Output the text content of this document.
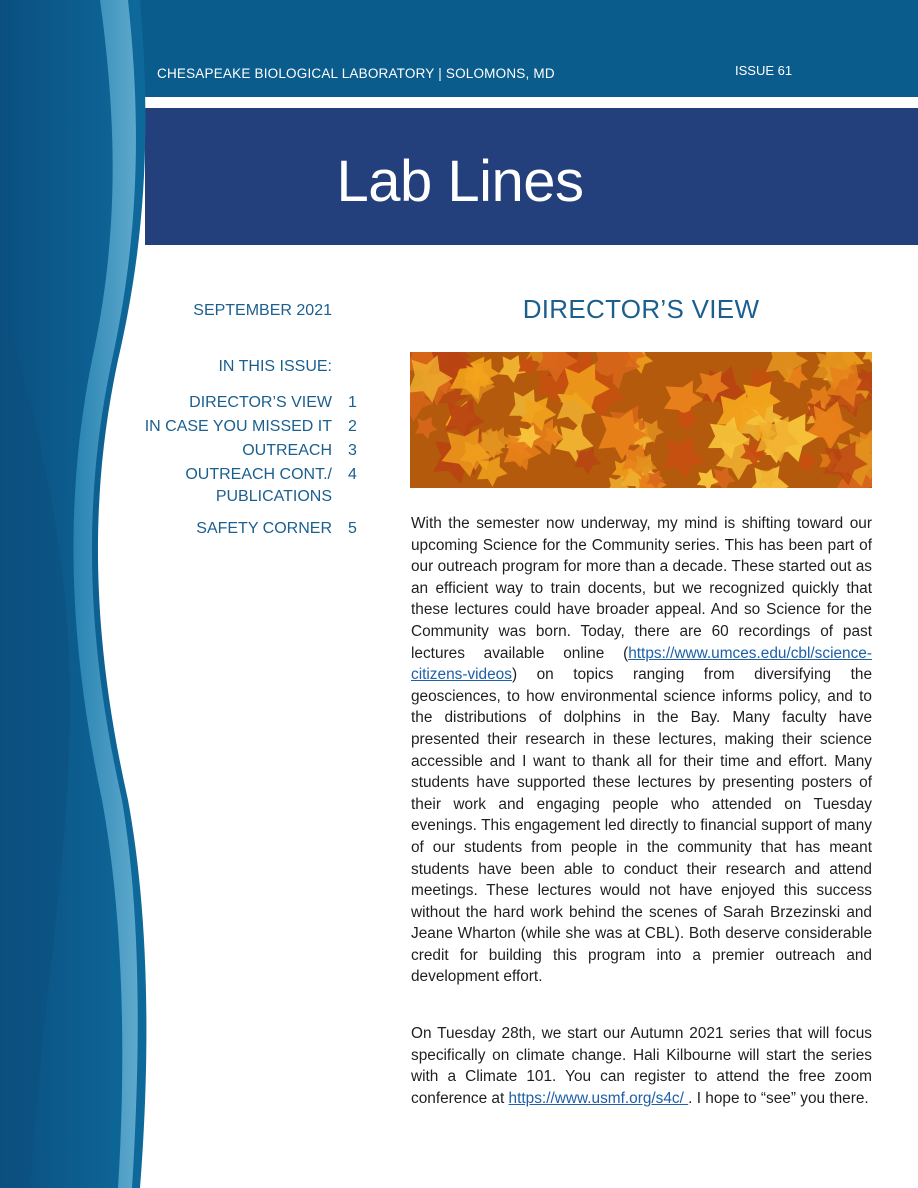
CHESAPEAKE BIOLOGICAL LABORATORY | SOLOMONS, MD	ISSUE 61
Lab Lines
SEPTEMBER 2021
IN THIS ISSUE:
DIRECTOR’S VIEW 1
IN CASE YOU MISSED IT 2
OUTREACH 3
OUTREACH CONT./ 4
PUBLICATIONS
SAFETY CORNER 5
DIRECTOR’S VIEW
With the semester now underway, my mind is shifting toward our upcoming Science for the Community series. This has been part of our outreach program for more than a decade. These started out as an efficient way to train docents, but we recognized quickly that these lectures could have broader appeal. And so Science for the Community was born. Today, there are 60 recordings of past lectures available online (https://www.umces.edu/cbl/science-citizens-videos) on topics ranging from diversifying the geosciences, to how environmental science informs policy, and to the distributions of dolphins in the Bay. Many faculty have presented their research in these lectures, making their science accessible and I want to thank all for their time and effort. Many students have supported these lectures by presenting posters of their work and engaging people who attended on Tuesday evenings. This engagement led directly to financial support of many of our students from people in the community that has meant students have been able to conduct their research and attend meetings. These lectures would not have enjoyed this success without the hard work behind the scenes of Sarah Brzezinski and Jeane Wharton (while she was at CBL). Both deserve considerable credit for building this program into a premier outreach and development effort.
On Tuesday 28th, we start our Autumn 2021 series that will focus specifically on climate change. Hali Kilbourne will start the series with a Climate 101. You can register to attend the free zoom conference at https://www.usmf.org/s4c/ . I hope to “see” you there.
